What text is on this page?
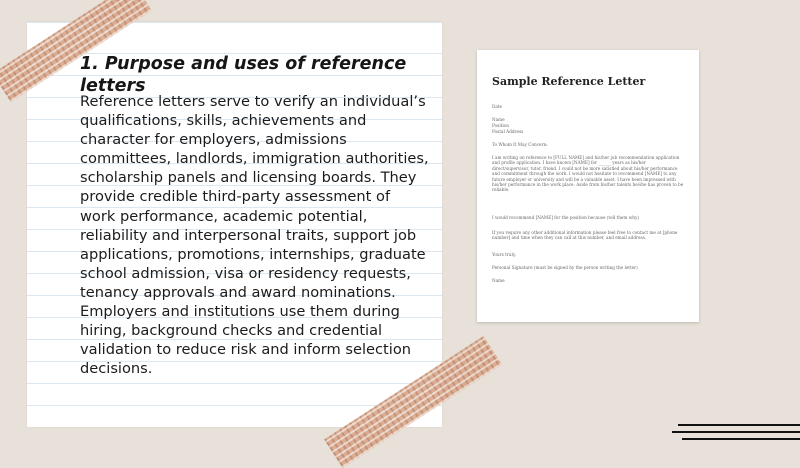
1. Purpose and uses of reference letters

Reference letters serve to verify an individual’s qualifications, skills, achievements and character for employers, admissions committees, landlords, immigration authorities, scholarship panels and licensing boards. They provide credible third-party assessment of work performance, academic potential, reliability and interpersonal traits, support job applications, promotions, internships, graduate school admission, visa or residency requests, tenancy approvals and award nominations. Employers and institutions use them during hiring, background checks and credential validation to reduce risk and inform selection decisions.

Sample Reference Letter
Date
Name
Position
Postal Address
To Whom It May Concern:
I am writing on reference to [FULL NAME] and his/her job recommendation application and profile application. I have known [NAME] for ______ years as his/her direct/supervisor, tutor, friend. I could not be more satisfied about his/her performance and commitment through the work. I would not hesitate to recommend [NAME] to any future employer or university and will be a valuable asset. I have been impressed with his/her performance in the work place. Aside from his/her talents he/she has proven to be reliable.
I would recommend [NAME] for the position because (tell them why)
If you require any other additional information please feel free to contact me at [phone number] and time when they can call at this number, and email address.
Yours truly,
Personal Signature (must be signed by the person writing the letter)
Name
